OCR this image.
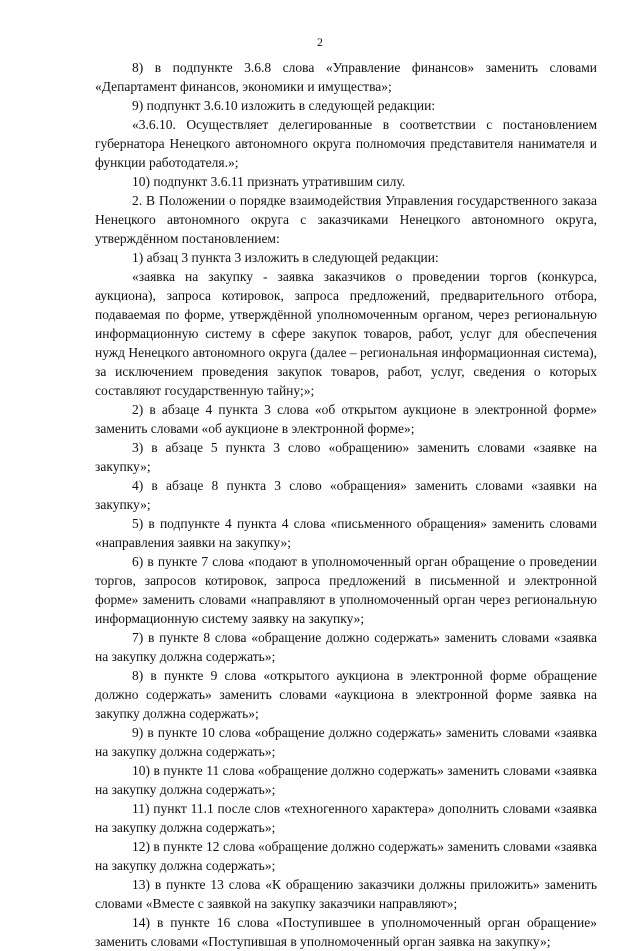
2

8) в подпункте 3.6.8 слова «Управление финансов» заменить словами «Департамент финансов, экономики и имущества»;

9) подпункт 3.6.10 изложить в следующей редакции:

«3.6.10. Осуществляет делегированные в соответствии с постановлением губернатора Ненецкого автономного округа полномочия представителя нанимателя и функции работодателя.»;

10) подпункт 3.6.11 признать утратившим силу.

2. В Положении о порядке взаимодействия Управления государственного заказа Ненецкого автономного округа с заказчиками Ненецкого автономного округа, утверждённом постановлением:

1) абзац 3 пункта 3 изложить в следующей редакции:

«заявка на закупку - заявка заказчиков о проведении торгов (конкурса, аукциона), запроса котировок, запроса предложений, предварительного отбора, подаваемая по форме, утверждённой уполномоченным органом, через региональную информационную систему в сфере закупок товаров, работ, услуг для обеспечения нужд Ненецкого автономного округа (далее – региональная информационная система), за исключением проведения закупок товаров, работ, услуг, сведения о которых составляют государственную тайну;»;

2) в абзаце 4 пункта 3 слова «об открытом аукционе в электронной форме» заменить словами «об аукционе в электронной форме»;

3) в абзаце 5 пункта 3 слово «обращению» заменить словами «заявке на закупку»;

4) в абзаце 8 пункта 3 слово «обращения» заменить словами «заявки на закупку»;

5) в подпункте 4 пункта 4 слова «письменного обращения» заменить словами «направления заявки на закупку»;

6) в пункте 7 слова «подают в уполномоченный орган обращение о проведении торгов, запросов котировок, запроса предложений в письменной и электронной форме» заменить словами «направляют в уполномоченный орган через региональную информационную систему заявку на закупку»;

7) в пункте 8 слова «обращение должно содержать» заменить словами «заявка на закупку должна содержать»;

8) в пункте 9 слова «открытого аукциона в электронной форме обращение должно содержать» заменить словами «аукциона в электронной форме заявка на закупку должна содержать»;

9) в пункте 10 слова «обращение должно содержать» заменить словами «заявка на закупку должна содержать»;

10) в пункте 11 слова «обращение должно содержать» заменить словами «заявка на закупку должна содержать»;

11) пункт 11.1 после слов «техногенного характера» дополнить словами «заявка на закупку должна содержать»;

12) в пункте 12 слова «обращение должно содержать» заменить словами «заявка на закупку должна содержать»;

13) в пункте 13 слова «К обращению заказчики должны приложить» заменить словами «Вместе с заявкой на закупку заказчики направляют»;

14) в пункте 16 слова «Поступившее в уполномоченный орган обращение» заменить словами «Поступившая в уполномоченный орган заявка на закупку»;
